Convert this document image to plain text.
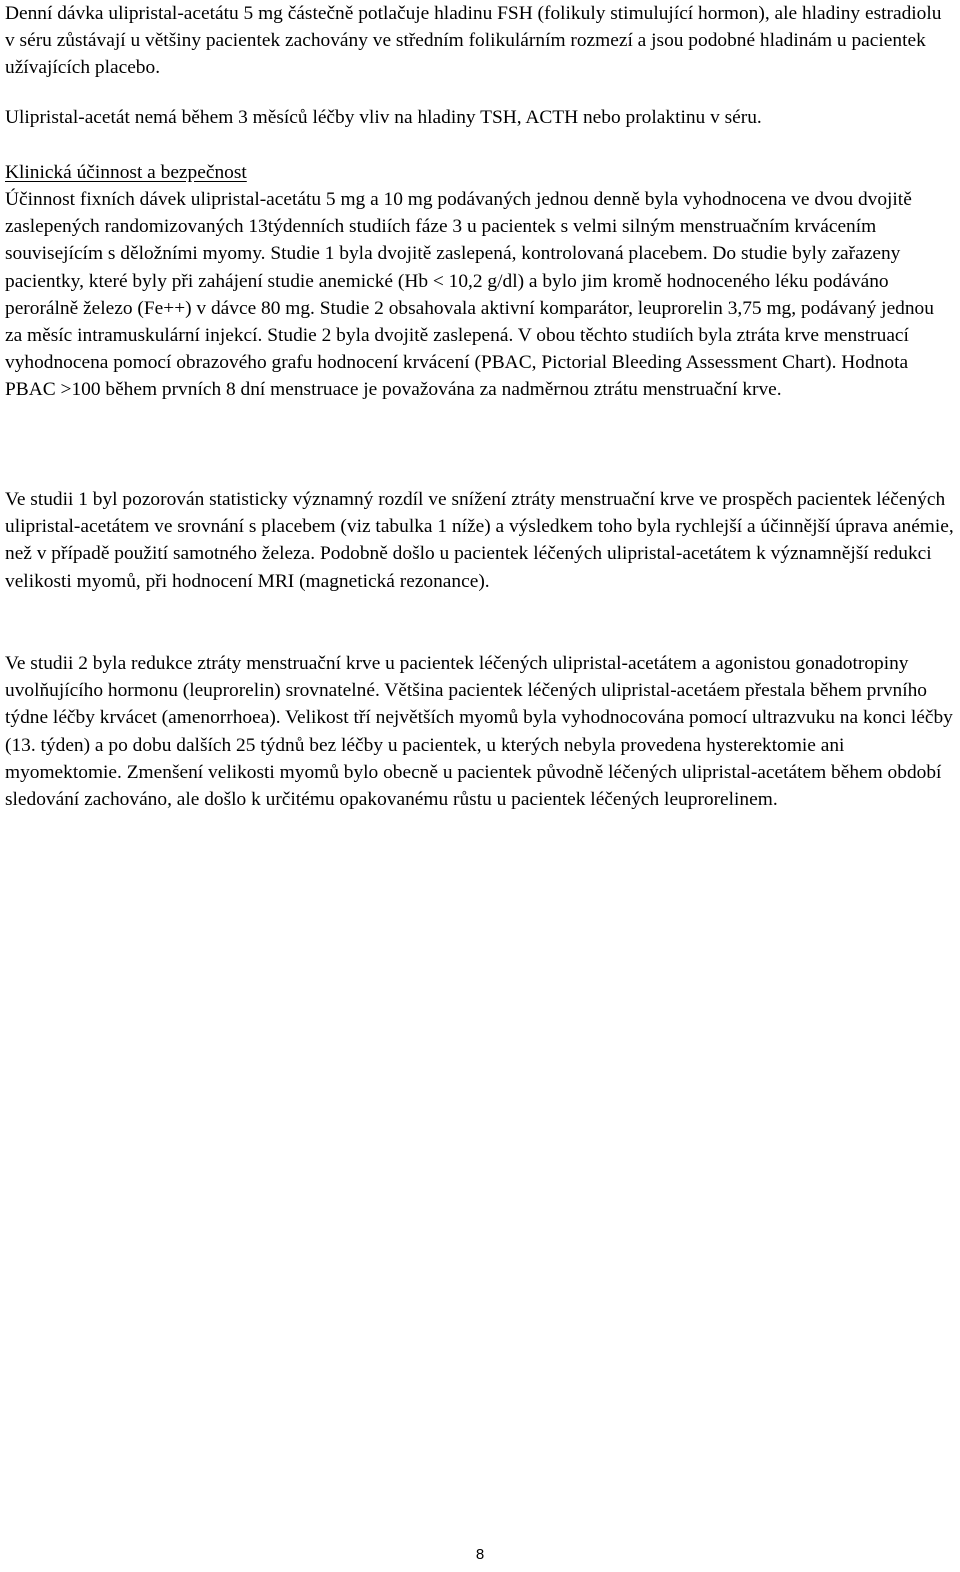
Denní dávka ulipristal-acetátu 5 mg částečně potlačuje hladinu FSH (folikuly stimulující hormon), ale hladiny estradiolu v séru zůstávají u většiny pacientek zachovány ve středním folikulárním rozmezí a jsou podobné hladinám u pacientek užívajících placebo.

Ulipristal-acetát nemá během 3 měsíců léčby vliv na hladiny TSH, ACTH nebo prolaktinu v séru.

Klinická účinnost a bezpečnost

Účinnost fixních dávek ulipristal-acetátu 5 mg a 10 mg podávaných jednou denně byla vyhodnocena ve dvou dvojitě zaslepených randomizovaných 13týdenních studiích fáze 3 u pacientek s velmi silným menstruačním krvácením souvisejícím s děložními myomy. Studie 1 byla dvojitě zaslepená, kontrolovaná placebem. Do studie byly zařazeny pacientky, které byly při zahájení studie anemické (Hb < 10,2 g/dl) a bylo jim kromě hodnoceného léku podáváno perorálně železo (Fe++) v dávce 80 mg. Studie 2 obsahovala aktivní komparátor, leuprorelin 3,75 mg, podávaný jednou za měsíc intramuskulární injekcí. Studie 2 byla dvojitě zaslepená. V obou těchto studiích byla ztráta krve menstruací vyhodnocena pomocí obrazového grafu hodnocení krvácení (PBAC, Pictorial Bleeding Assessment Chart). Hodnota PBAC >100 během prvních 8 dní menstruace je považována za nadměrnou ztrátu menstruační krve.

Ve studii 1 byl pozorován statisticky významný rozdíl ve snížení ztráty menstruační krve ve prospěch pacientek léčených ulipristal-acetátem ve srovnání s placebem (viz tabulka 1 níže) a výsledkem toho byla rychlejší a účinnější úprava anémie, než v případě použití samotného železa. Podobně došlo u pacientek léčených ulipristal-acetátem k významnější redukci velikosti myomů, při hodnocení MRI (magnetická rezonance).

Ve studii 2 byla redukce ztráty menstruační krve u pacientek léčených ulipristal-acetátem a agonistou gonadotropiny uvolňujícího hormonu (leuprorelin) srovnatelné. Většina pacientek léčených ulipristal-acetáem přestala během prvního týdne léčby krvácet (amenorrhoea). Velikost tří největších myomů byla vyhodnocována pomocí ultrazvuku na konci léčby (13. týden) a po dobu dalších 25 týdnů bez léčby u pacientek, u kterých nebyla provedena hysterektomie ani myomektomie. Zmenšení velikosti myomů bylo obecně u pacientek původně léčených ulipristal-acetátem během období sledování zachováno, ale došlo k určitému opakovanému růstu u pacientek léčených leuprorelinem.

8
